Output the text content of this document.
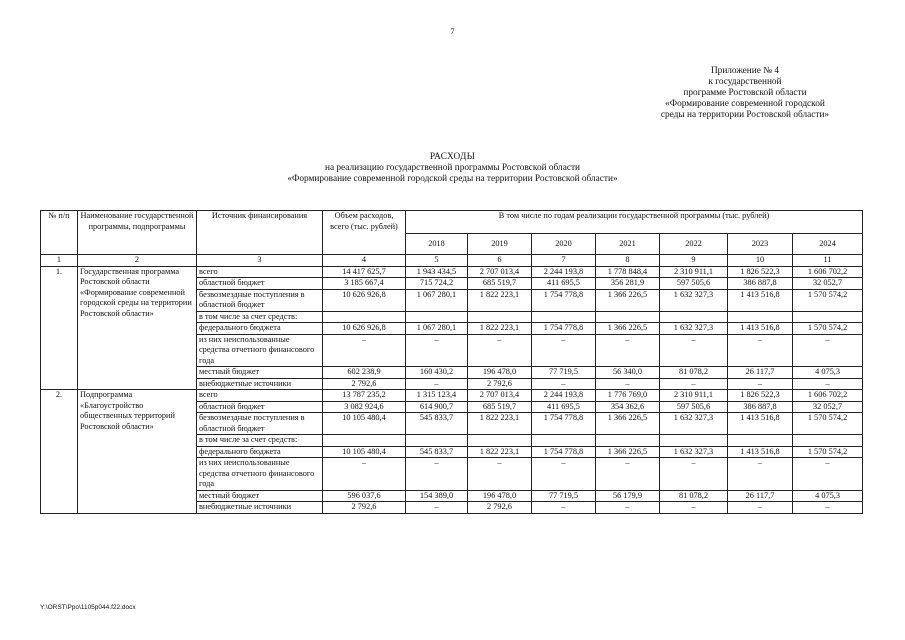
7
Приложение № 4
к государственной
программе Ростовской области
«Формирование современной городской
среды на территории Ростовской области»
РАСХОДЫ
на реализацию государственной программы Ростовской области
«Формирование современной городской среды на территории Ростовской области»
№ п/п	Наименование государственной программы, подпрограммы	Источник финансирования	Объем расходов, всего (тыс. рублей)	В том числе по годам реализации государственной программы (тыс. рублей)						
				2018	2019	2020	2021	2022	2023	2024
1	2	3	4	5	6	7	8	9	10	11
1.	Государственная программа Ростовской области «Формирование современной городской среды на территории Ростовской области»	всего	14 417 625,7	1 943 434,5	2 707 013,4	2 244 193,8	1 778 848,4	2 310 911,1	1 826 522,3	1 606 702,2
		областной бюджет	3 185 667,4	715 724,2	685 519,7	411 695,5	356 281,9	597 505,6	386 887,8	32 052,7
		безвозмездные поступления в областной бюджет	10 626 926,8	1 067 280,1	1 822 223,1	1 754 778,8	1 366 226,5	1 632 327,3	1 413 516,8	1 570 574,2
		в том числе за счет средств:								
		федерального бюджета	10 626 926,8	1 067 280,1	1 822 223,1	1 754 778,8	1 366 226,5	1 632 327,3	1 413 516,8	1 570 574,2
		из них неиспользованные средства отчетного финансового года	–	–	–	–	–	–	–	–
		местный бюджет	602 238,9	160 430,2	196 478,0	77 719,5	56 340,0	81 078,2	26 117,7	4 075,3
		внебюджетные источники	2 792,6	–	2 792,6	–	–	–	–	–
2.	Подпрограмма «Благоустройство общественных территорий Ростовской области»	всего	13 787 235,2	1 315 123,4	2 707 013,4	2 244 193,8	1 776 769,0	2 310 911,1	1 826 522,3	1 606 702,2
		областной бюджет	3 082 924,6	614 900,7	685 519,7	411 695,5	354 362,6	597 505,6	386 887,8	32 052,7
		безвозмездные поступления в областной бюджет	10 105 480,4	545 833,7	1 822 223,1	1 754 778,8	1 366 226,5	1 632 327,3	1 413 516,8	1 570 574,2
		в том числе за счет средств:								
		федерального бюджета	10 105 480,4	545 833,7	1 822 223,1	1 754 778,8	1 366 226,5	1 632 327,3	1 413 516,8	1 570 574,2
		из них неиспользованные средства отчетного финансового года	–	–	–	–	–	–	–	–
		местный бюджет	596 037,6	154 389,0	196 478,0	77 719,5	56 179,9	81 078,2	26 117,7	4 075,3
		внебюджетные источники	2 792,6	–	2 792,6	–	–	–	–	–
Y:\ORST\Ppo\1105p044.f22.docx
